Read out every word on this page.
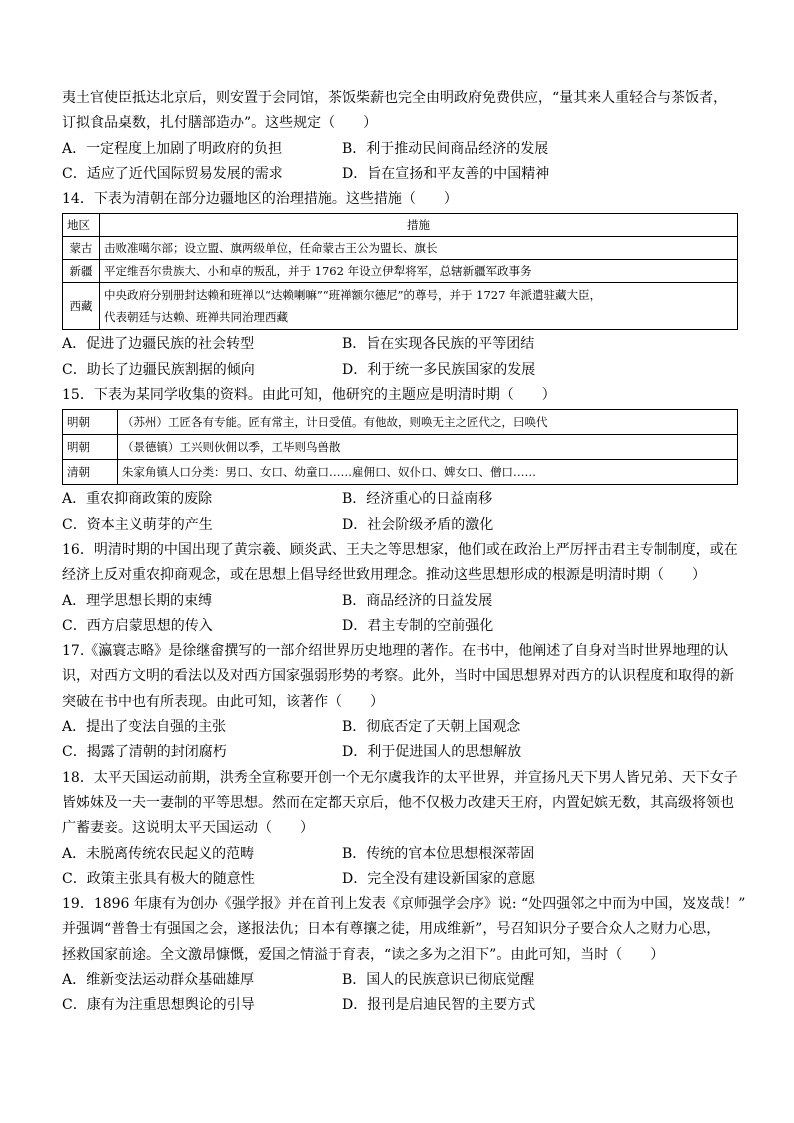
夷土官使臣抵达北京后，则安置于会同馆，茶饭柴薪也完全由明政府免费供应，“量其来人重轻合与茶饭者，
订拟食品桌数，扎付膳部造办”。这些规定（　　）
A．一定程度上加剧了明政府的负担	B．利于推动民间商品经济的发展
C．适应了近代国际贸易发展的需求	D．旨在宣扬和平友善的中国精神
14．下表为清朝在部分边疆地区的治理措施。这些措施（　　）
地区	措施
蒙古	击败准噶尔部；设立盟、旗两级单位，任命蒙古王公为盟长、旗长
新疆	平定维吾尔贵族大、小和卓的叛乱，并于 1762 年设立伊犁将军，总辖新疆军政事务
西藏	中央政府分别册封达赖和班禅以“达赖喇嘛”“班禅额尔德尼”的尊号，并于 1727 年派遣驻藏大臣，
代表朝廷与达赖、班禅共同治理西藏
A．促进了边疆民族的社会转型	B．旨在实现各民族的平等团结
C．助长了边疆民族割据的倾向	D．利于统一多民族国家的发展
15．下表为某同学收集的资料。由此可知，他研究的主题应是明清时期（　　）
明朝	（苏州）工匠各有专能。匠有常主，计日受值。有他故，则唤无主之匠代之，曰唤代
明朝	（景德镇）工兴则伙佣以季，工毕则鸟兽散
清朝	朱家角镇人口分类：男口、女口、幼童口……雇佣口、奴仆口、婢女口、僧口……
A．重农抑商政策的废除	B．经济重心的日益南移
C．资本主义萌芽的产生	D．社会阶级矛盾的激化
16．明清时期的中国出现了黄宗羲、顾炎武、王夫之等思想家，他们或在政治上严厉抨击君主专制制度，或在
经济上反对重农抑商观念，或在思想上倡导经世致用理念。推动这些思想形成的根源是明清时期（　　）
A．理学思想长期的束缚	B．商品经济的日益发展
C．西方启蒙思想的传入	D．君主专制的空前强化
17.《瀛寰志略》是徐继畲撰写的一部介绍世界历史地理的著作。在书中，他阐述了自身对当时世界地理的认
识，对西方文明的看法以及对西方国家强弱形势的考察。此外，当时中国思想界对西方的认识程度和取得的新
突破在书中也有所表现。由此可知，该著作（　　）
A．提出了变法自强的主张	B．彻底否定了天朝上国观念
C．揭露了清朝的封闭腐朽	D．利于促进国人的思想解放
18．太平天国运动前期，洪秀全宣称要开创一个无尔虞我诈的太平世界，并宣扬凡天下男人皆兄弟、天下女子
皆姊妹及一夫一妻制的平等思想。然而在定都天京后，他不仅极力改建天王府，内置妃嫔无数，其高级将领也
广蓄妻妾。这说明太平天国运动（　　）
A．未脱离传统农民起义的范畴	B．传统的官本位思想根深蒂固
C．政策主张具有极大的随意性	D．完全没有建设新国家的意愿
19．1896 年康有为创办《强学报》并在首刊上发表《京师强学会序》说: “处四强邻之中而为中国，岌岌哉！”
并强调“普鲁士有强国之会，遂报法仇；日本有尊攘之徒，用成维新”，号召知识分子要合众人之财力心思，
拯救国家前途。全文激昂慷慨，爱国之情溢于育表，“读之多为之泪下”。由此可知，当时（　　）
A．维新变法运动群众基础雄厚	B．国人的民族意识已彻底觉醒
C．康有为注重思想舆论的引导	D．报刊是启迪民智的主要方式
